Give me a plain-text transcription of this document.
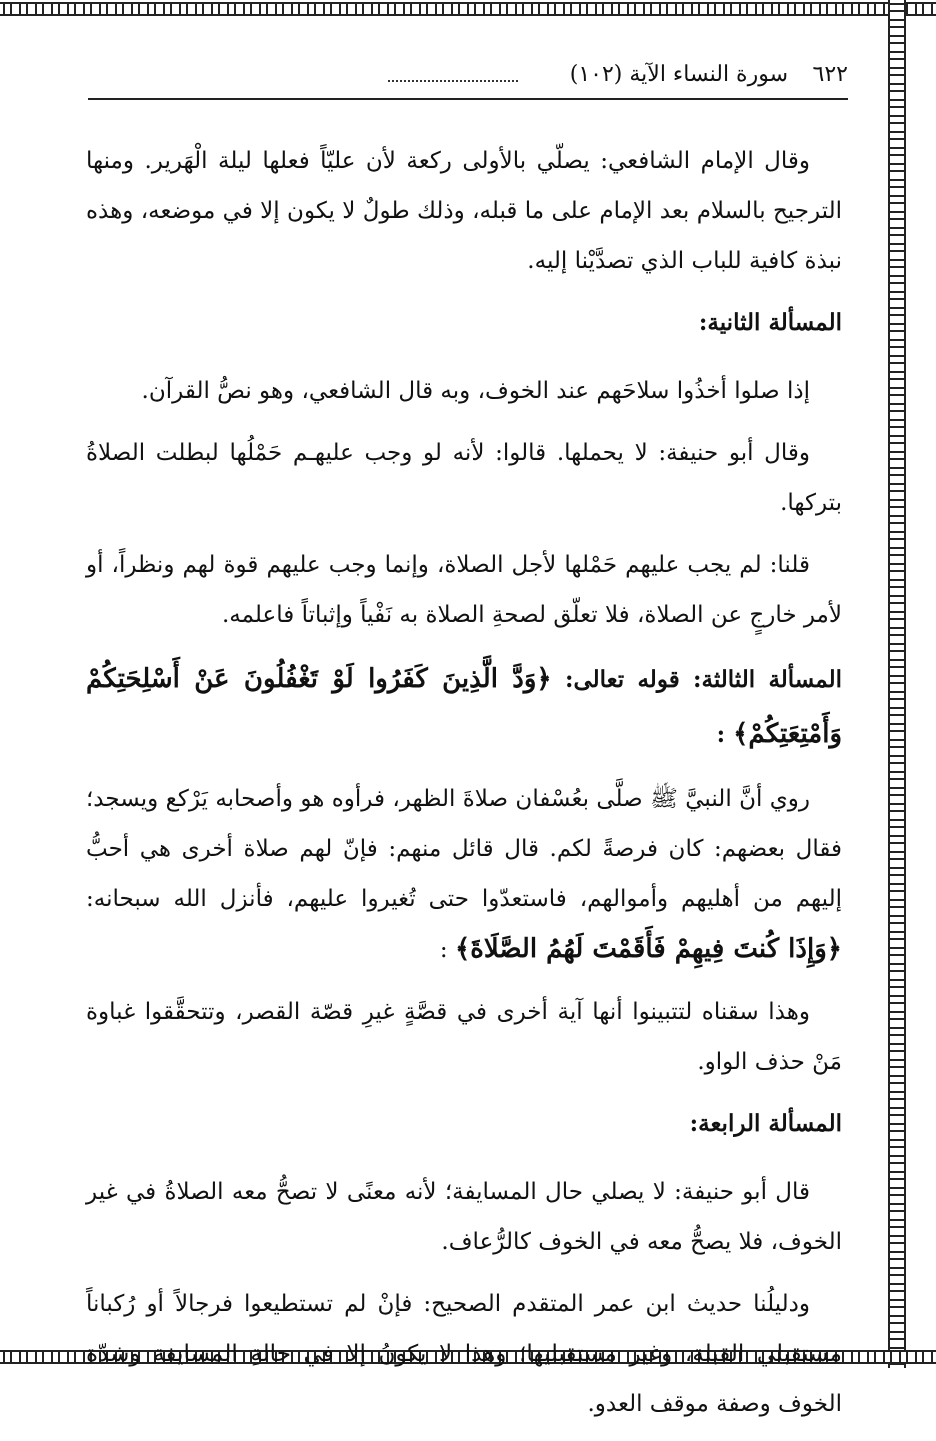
٦٢٢
سورة النساء الآية (١٠٢)

وقال الإمام الشافعي: يصلّي بالأولى ركعة لأن عليّاً فعلها ليلة الْهَرير. ومنها الترجيح بالسلام بعد الإمام على ما قبله، وذلك طولٌ لا يكون إلا في موضعه، وهذه نبذة كافية للباب الذي تصدَّيْنا إليه.

المسألة الثانية:

إذا صلوا أخذُوا سلاحَهم عند الخوف، وبه قال الشافعي، وهو نصُّ القرآن.

وقال أبو حنيفة: لا يحملها. قالوا: لأنه لو وجب عليهـم حَمْلُها لبطلت الصلاةُ بتركها.

قلنا: لم يجب عليهم حَمْلها لأجل الصلاة، وإنما وجب عليهم قوة لهم ونظراً، أو لأمر خارجٍ عن الصلاة، فلا تعلّق لصحةِ الصلاة به نَفْياً وإثباتاً فاعلمه.

المسألة الثالثة: قوله تعالى: ﴿وَدَّ الَّذِينَ كَفَرُوا لَوْ تَغْفُلُونَ عَنْ أَسْلِحَتِكُمْ وَأَمْتِعَتِكُمْ﴾ :

روي أنَّ النبيَّ ﷺ صلَّى بعُسْفان صلاةَ الظهر، فرأوه هو وأصحابه يَرْكع ويسجد؛ فقال بعضهم: كان فرصةً لكم. قال قائل منهم: فإنّ لهم صلاة أخرى هي أحبُّ إليهم من أهليهم وأموالهم، فاستعدّوا حتى تُغيروا عليهم، فأنزل الله سبحانه: ﴿وَإِذَا كُنتَ فِيهِمْ فَأَقَمْتَ لَهُمُ الصَّلَاةَ﴾ :

وهذا سقناه لتتبينوا أنها آية أخرى في قصَّةٍ غيرِ قصّة القصر، وتتحقَّقوا غباوة مَنْ حذف الواو.

المسألة الرابعة:

قال أبو حنيفة: لا يصلي حال المسايفة؛ لأنه معنًى لا تصحُّ معه الصلاةُ في غير الخوف، فلا يصحُّ معه في الخوف كالرُّعاف.

ودليلُنا حديث ابن عمر المتقدم الصحيح: فإنْ لم تستطيعوا فرجالاً أو رُكباناً مستقبلي القبلة، وغير مستقبليها؛ وهذا لا يكونُ إلا في حالةِ المسايفة وشدّة الخوف وصفة موقف العدو.
